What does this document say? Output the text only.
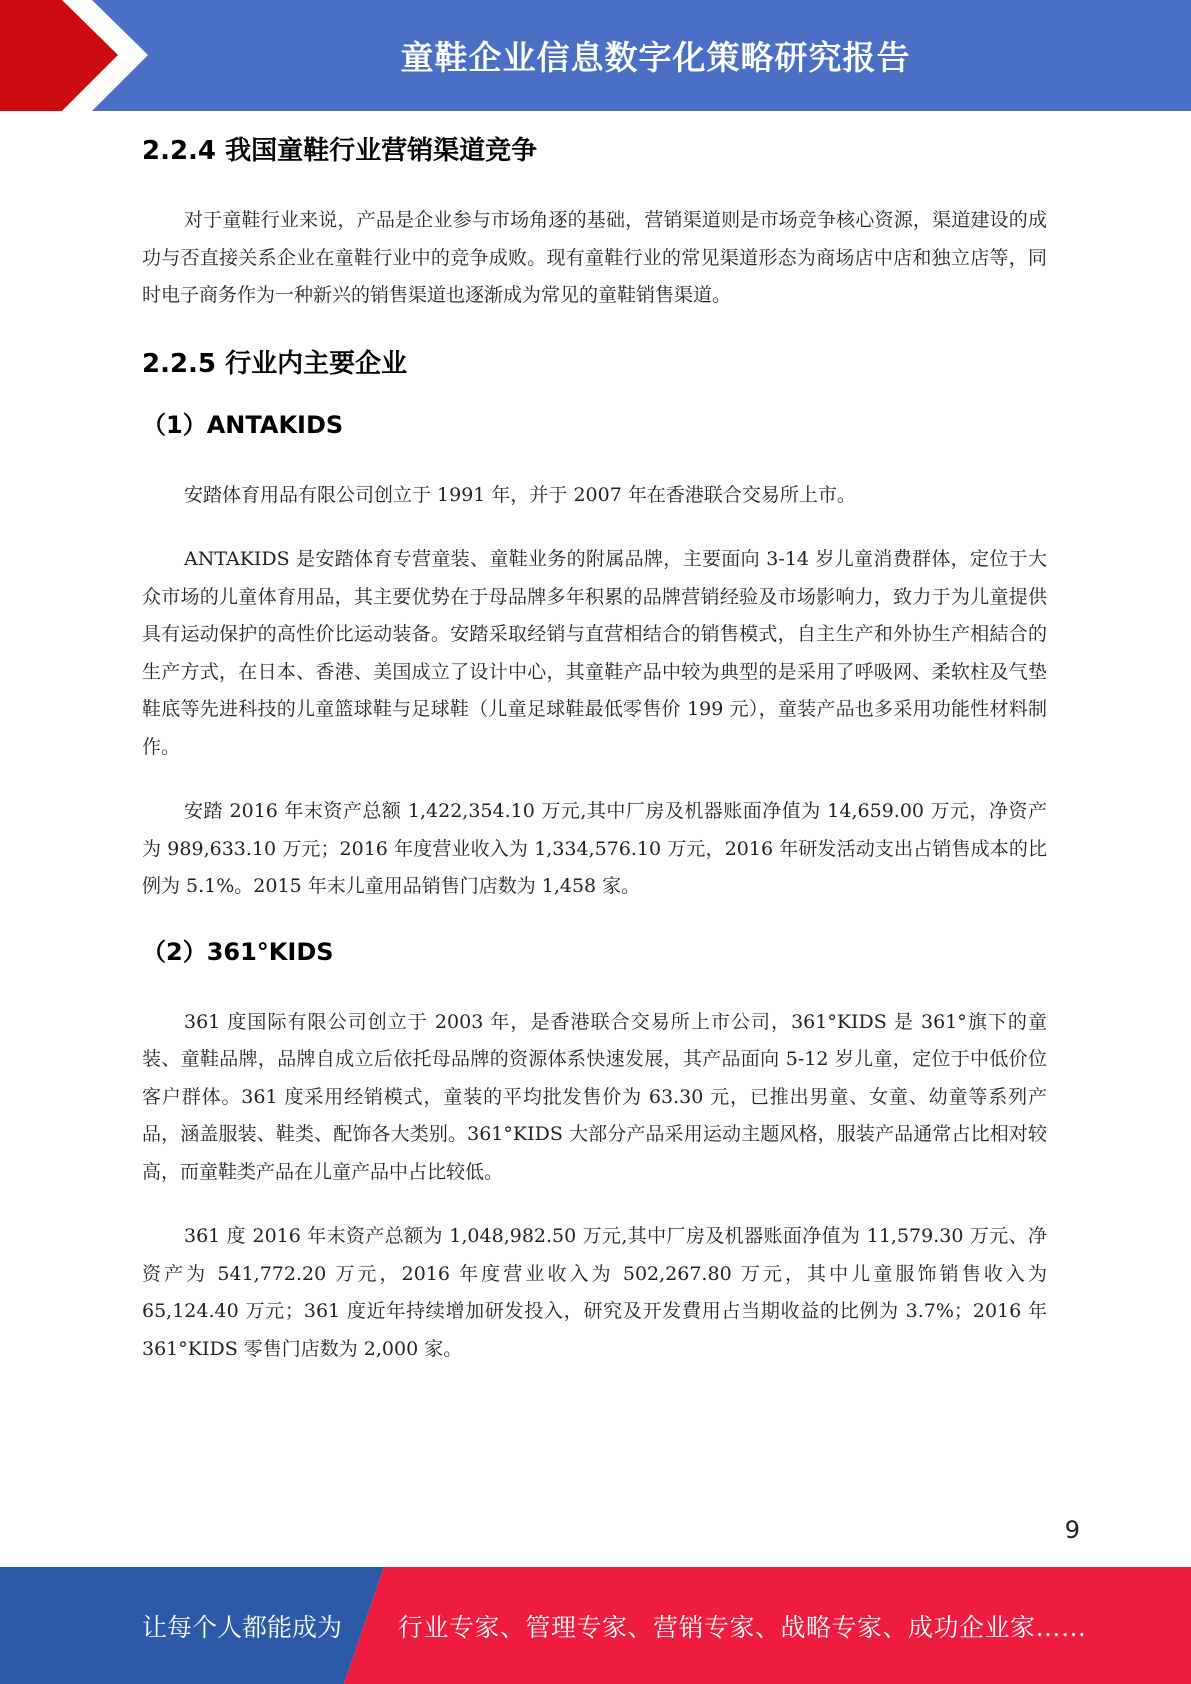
童鞋企业信息数字化策略研究报告
2.2.4 我国童鞋行业营销渠道竞争

对于童鞋行业来说，产品是企业参与市场角逐的基础，营销渠道则是市场竞争核心资源，渠道建设的成功与否直接关系企业在童鞋行业中的竞争成败。现有童鞋行业的常见渠道形态为商场店中店和独立店等，同时电子商务作为一种新兴的销售渠道也逐渐成为常见的童鞋销售渠道。

2.2.5 行业内主要企业
（1）ANTAKIDS

安踏体育用品有限公司创立于 1991 年，并于 2007 年在香港联合交易所上市。

ANTAKIDS 是安踏体育专营童装、童鞋业务的附属品牌，主要面向 3-14 岁儿童消费群体，定位于大众市场的儿童体育用品，其主要优势在于母品牌多年积累的品牌营销经验及市场影响力，致力于为儿童提供具有运动保护的高性价比运动装备。安踏采取经销与直营相结合的销售模式，自主生产和外协生产相結合的生产方式，在日本、香港、美国成立了设计中心，其童鞋产品中较为典型的是采用了呼吸网、柔软柱及气垫鞋底等先进科技的儿童篮球鞋与足球鞋（儿童足球鞋最低零售价 199 元），童装产品也多采用功能性材料制作。

安踏 2016 年末资产总额 1,422,354.10 万元,其中厂房及机器账面净值为 14,659.00 万元，净资产为 989,633.10 万元；2016 年度营业收入为 1,334,576.10 万元，2016 年研发活动支出占销售成本的比例为 5.1%。2015 年末儿童用品销售门店数为 1,458 家。

（2）361°KIDS

361 度国际有限公司创立于 2003 年，是香港联合交易所上市公司，361°KIDS 是 361°旗下的童装、童鞋品牌，品牌自成立后依托母品牌的资源体系快速发展，其产品面向 5-12 岁儿童，定位于中低价位客户群体。361 度采用经销模式，童装的平均批发售价为 63.30 元，已推出男童、女童、幼童等系列产品，涵盖服装、鞋类、配饰各大类别。361°KIDS 大部分产品采用运动主题风格，服装产品通常占比相对较高，而童鞋类产品在儿童产品中占比较低。

361 度 2016 年末资产总额为 1,048,982.50 万元,其中厂房及机器账面净值为 11,579.30 万元、净资产为 541,772.20 万元，2016 年度营业收入为 502,267.80 万元，其中儿童服饰销售收入为 65,124.40 万元；361 度近年持续增加研发投入，研究及开发費用占当期收益的比例为 3.7%；2016 年 361°KIDS 零售门店数为 2,000 家。

9
让每个人都能成为 行业专家、管理专家、营销专家、战略专家、成功企业家……
